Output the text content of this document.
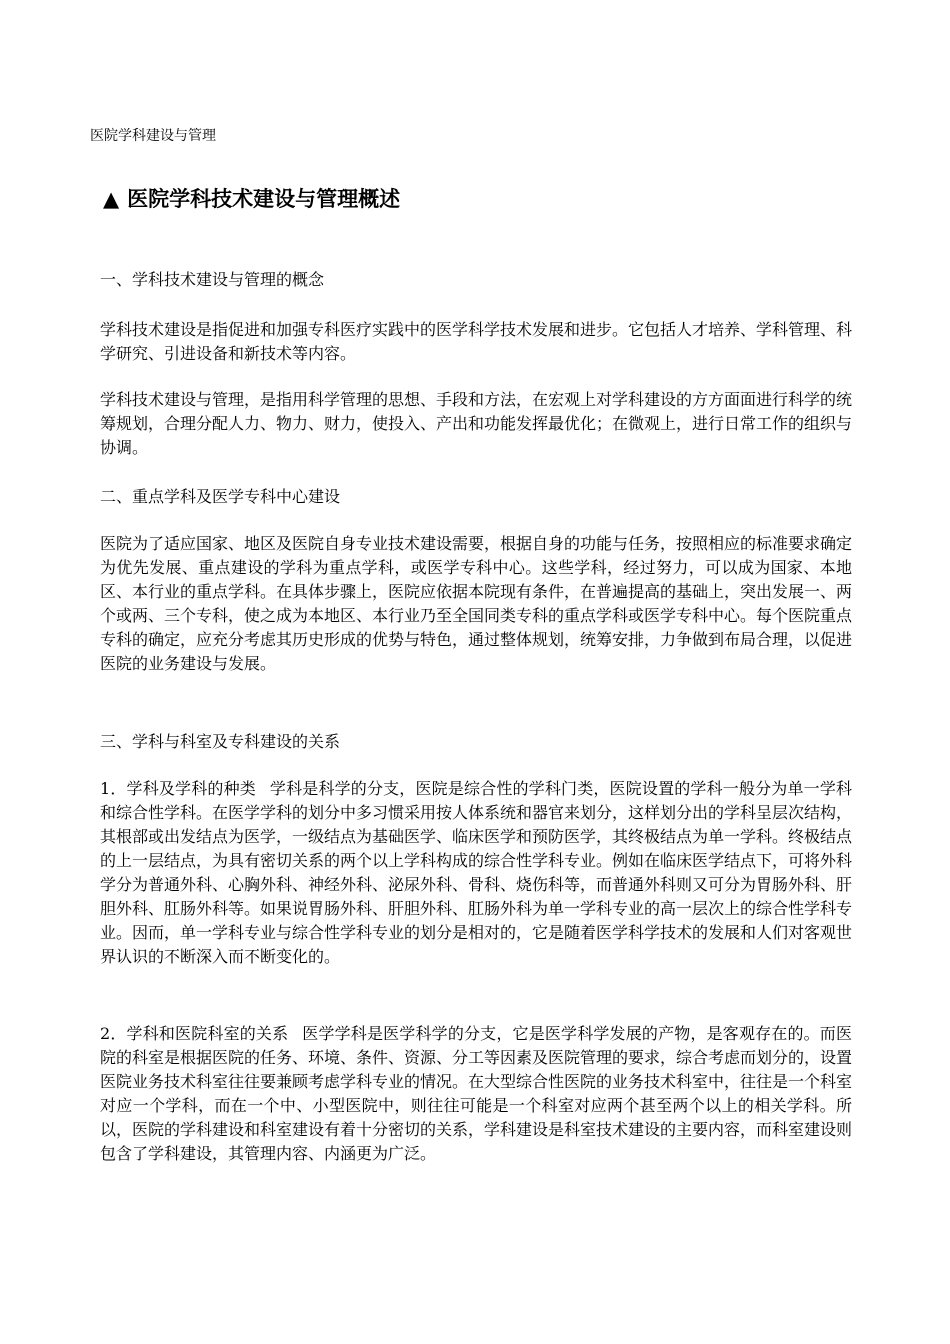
医院学科建设与管理
▲ 医院学科技术建设与管理概述
一、学科技术建设与管理的概念
学科技术建设是指促进和加强专科医疗实践中的医学科学技术发展和进步。它包括人才培养、学科管理、科学研究、引进设备和新技术等内容。
学科技术建设与管理，是指用科学管理的思想、手段和方法，在宏观上对学科建设的方方面面进行科学的统筹规划，合理分配人力、物力、财力，使投入、产出和功能发挥最优化；在微观上，进行日常工作的组织与协调。
二、重点学科及医学专科中心建设
医院为了适应国家、地区及医院自身专业技术建设需要，根据自身的功能与任务，按照相应的标准要求确定为优先发展、重点建设的学科为重点学科，或医学专科中心。这些学科，经过努力，可以成为国家、本地区、本行业的重点学科。在具体步骤上，医院应依据本院现有条件，在普遍提高的基础上，突出发展一、两个或两、三个专科，使之成为本地区、本行业乃至全国同类专科的重点学科或医学专科中心。每个医院重点专科的确定，应充分考虑其历史形成的优势与特色，通过整体规划，统筹安排，力争做到布局合理，以促进医院的业务建设与发展。
三、学科与科室及专科建设的关系
1．学科及学科的种类 学科是科学的分支，医院是综合性的学科门类，医院设置的学科一般分为单一学科和综合性学科。在医学学科的划分中多习惯采用按人体系统和器官来划分，这样划分出的学科呈层次结构，其根部或出发结点为医学，一级结点为基础医学、临床医学和预防医学，其终极结点为单一学科。终极结点的上一层结点，为具有密切关系的两个以上学科构成的综合性学科专业。例如在临床医学结点下，可将外科学分为普通外科、心胸外科、神经外科、泌尿外科、骨科、烧伤科等，而普通外科则又可分为胃肠外科、肝胆外科、肛肠外科等。如果说胃肠外科、肝胆外科、肛肠外科为单一学科专业的高一层次上的综合性学科专业。因而，单一学科专业与综合性学科专业的划分是相对的，它是随着医学科学技术的发展和人们对客观世界认识的不断深入而不断变化的。
2．学科和医院科室的关系 医学学科是医学科学的分支，它是医学科学发展的产物，是客观存在的。而医院的科室是根据医院的任务、环境、条件、资源、分工等因素及医院管理的要求，综合考虑而划分的，设置医院业务技术科室往往要兼顾考虑学科专业的情况。在大型综合性医院的业务技术科室中，往往是一个科室对应一个学科，而在一个中、小型医院中，则往往可能是一个科室对应两个甚至两个以上的相关学科。所以，医院的学科建设和科室建设有着十分密切的关系，学科建设是科室技术建设的主要内容，而科室建设则包含了学科建设，其管理内容、内涵更为广泛。
